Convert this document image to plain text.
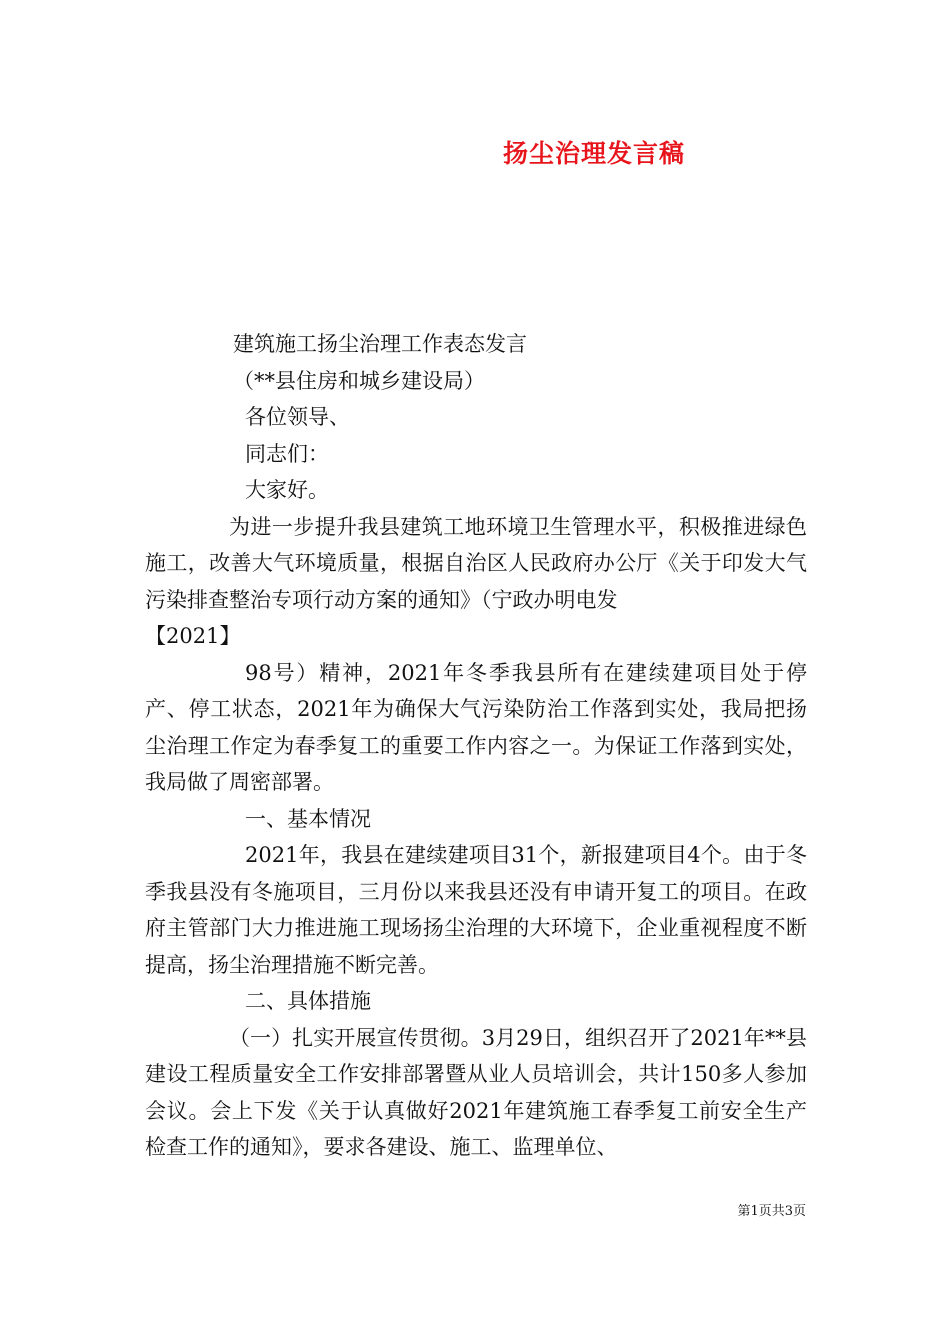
扬尘治理发言稿

建筑施工扬尘治理工作表态发言

（**县住房和城乡建设局）

各位领导、

同志们：

大家好。

为进一步提升我县建筑工地环境卫生管理水平，积极推进绿色施工，改善大气环境质量，根据自治区人民政府办公厅《关于印发大气污染排查整治专项行动方案的通知》（宁政办明电发

【2021】

98号）精神，2021年冬季我县所有在建续建项目处于停产、停工状态，2021年为确保大气污染防治工作落到实处，我局把扬尘治理工作定为春季复工的重要工作内容之一。为保证工作落到实处，我局做了周密部署。

一、基本情况

2021年，我县在建续建项目31个，新报建项目4个。由于冬季我县没有冬施项目，三月份以来我县还没有申请开复工的项目。在政府主管部门大力推进施工现场扬尘治理的大环境下，企业重视程度不断提高，扬尘治理措施不断完善。

二、具体措施

（一）扎实开展宣传贯彻。3月29日，组织召开了2021年**县建设工程质量安全工作安排部署暨从业人员培训会，共计150多人参加会议。会上下发《关于认真做好2021年建筑施工春季复工前安全生产检查工作的通知》，要求各建设、施工、监理单位、

第1页共3页
